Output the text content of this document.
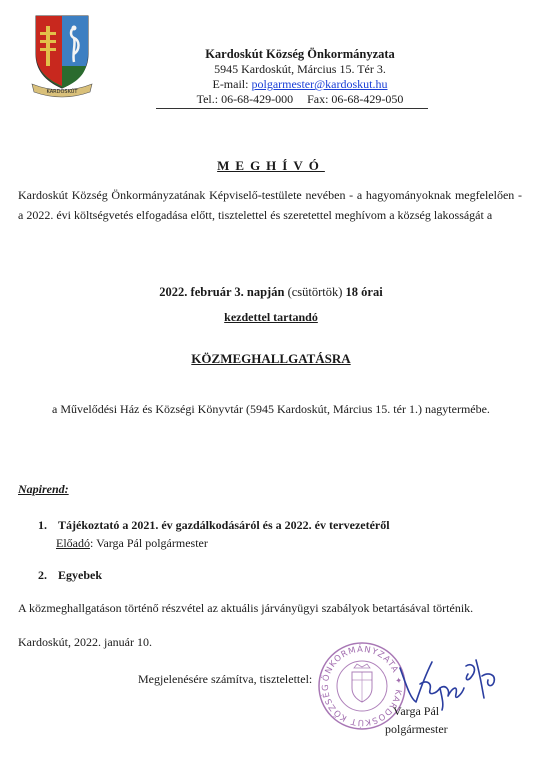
KARDOSKÚT
Kardoskút Község Önkormányzata
5945 Kardoskút, Március 15. Tér 3.
E-mail: polgarmester@kardoskut.hu
Tel.: 06-68-429-000 Fax: 06-68-429-050
MEGHÍVÓ
Kardoskút Község Önkormányzatának Képviselő-testülete nevében - a hagyományoknak megfelelően - a 2022. évi költségvetés elfogadása előtt, tisztelettel és szeretettel meghívom a község lakosságát a
2022. február 3. napján (csütörtök) 18 órai
kezdettel tartandó
KÖZMEGHALLGATÁSRA
a Művelődési Ház és Községi Könyvtár (5945 Kardoskút, Március 15. tér 1.) nagytermébe.
Napirend:
1. Tájékoztató a 2021. év gazdálkodásáról és a 2022. év tervezetéről
Előadó: Varga Pál polgármester
2. Egyebek
A közmeghallgatáson történő részvétel az aktuális járványügyi szabályok betartásával történik.
Kardoskút, 2022. január 10.
Megjelenésére számítva, tisztelettel: ÖNKORMÁNYZATA ✦ KARDOSKÚT KÖZSÉG
Varga Pál
polgármester
